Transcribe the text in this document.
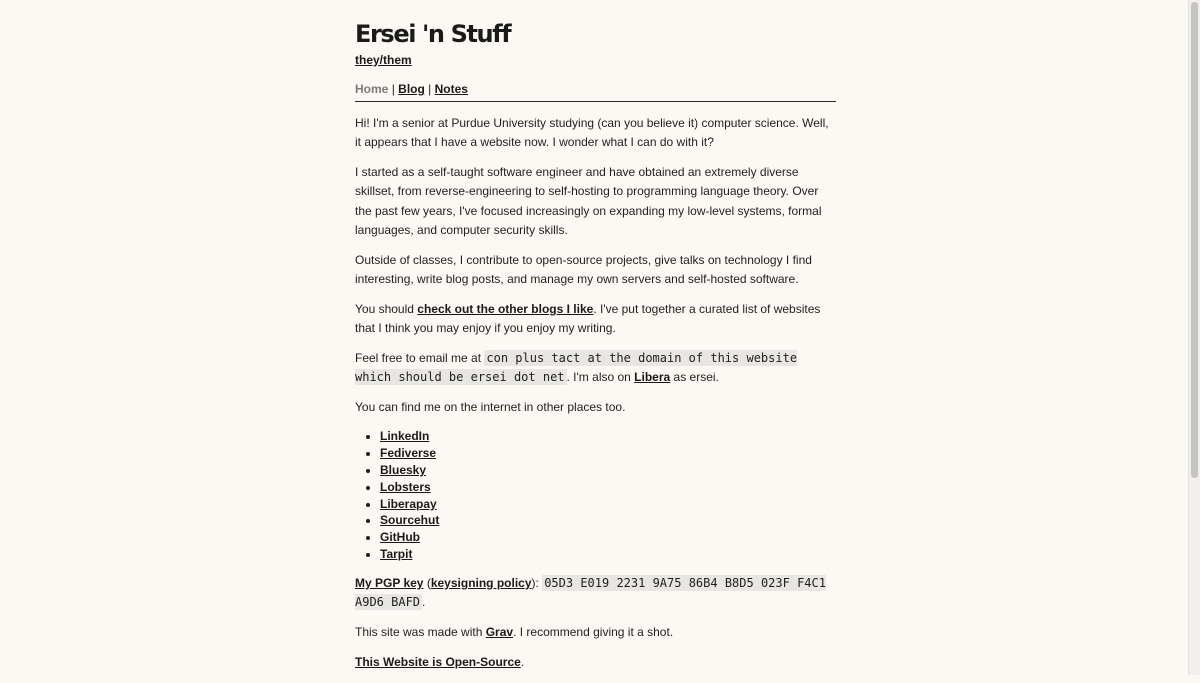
Ersei 'n Stuff
they/them
Home | Blog | Notes

Hi! I'm a senior at Purdue University studying (can you believe it) computer science. Well, it appears that I have a website now. I wonder what I can do with it?

I started as a self-taught software engineer and have obtained an extremely diverse skillset, from reverse-engineering to self-hosting to programming language theory. Over the past few years, I've focused increasingly on expanding my low-level systems, formal languages, and computer security skills.

Outside of classes, I contribute to open-source projects, give talks on technology I find interesting, write blog posts, and manage my own servers and self-hosted software.

You should check out the other blogs I like. I've put together a curated list of websites that I think you may enjoy if you enjoy my writing.

Feel free to email me at con plus tact at the domain of this website which should be ersei dot net . I'm also on Libera as ersei.

You can find me on the internet in other places too.

• LinkedIn
• Fediverse
• Bluesky
• Lobsters
• Liberapay
• Sourcehut
• GitHub
• Tarpit

My PGP key (keysigning policy): 05D3 E019 2231 9A75 86B4 B8D5 023F F4C1 A9D6 BAFD .

This site was made with Grav. I recommend giving it a shot.

This Website is Open-Source.
